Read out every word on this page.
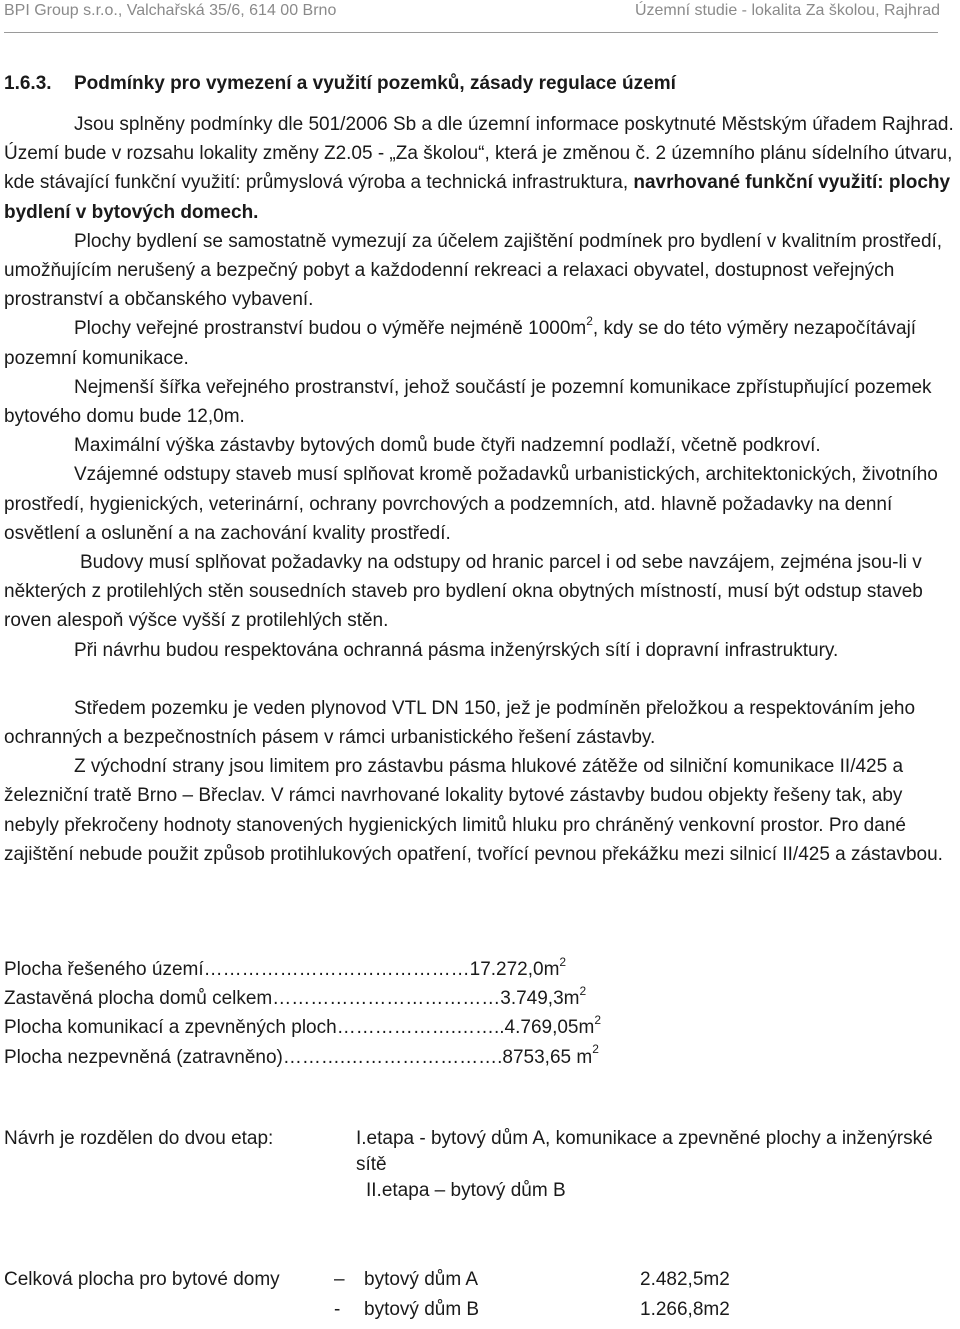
BPI Group s.r.o., Valchařská 35/6, 614 00 Brno	Územní studie - lokalita Za školou, Rajhrad
1.6.3. Podmínky pro vymezení a využití pozemků, zásady regulace území

Jsou splněny podmínky dle 501/2006 Sb a dle územní informace poskytnuté Městským úřadem Rajhrad. Území bude v rozsahu lokality změny Z2.05 - „Za školou“, která je změnou č. 2 územního plánu sídelního útvaru, kde stávající funkční využití: průmyslová výroba a technická infrastruktura, navrhované funkční využití: plochy bydlení v bytových domech.

Plochy bydlení se samostatně vymezují za účelem zajištění podmínek pro bydlení v kvalitním prostředí, umožňujícím nerušený a bezpečný pobyt a každodenní rekreaci a relaxaci obyvatel, dostupnost veřejných prostranství a občanského vybavení.

Plochy veřejné prostranství budou o výměře nejméně $1000m^2$, kdy se do této výměry nezapočítávají pozemní komunikace.

Nejmenší šířka veřejného prostranství, jehož součástí je pozemní komunikace zpřístupňující pozemek bytového domu bude 12,0m.

Maximální výška zástavby bytových domů bude čtyři nadzemní podlaží, včetně podkroví.

Vzájemné odstupy staveb musí splňovat kromě požadavků urbanistických, architektonických, životního prostředí, hygienických, veterinární, ochrany povrchových a podzemních, atd. hlavně požadavky na denní osvětlení a oslunění a na zachování kvality prostředí.

Budovy musí splňovat požadavky na odstupy od hranic parcel i od sebe navzájem, zejména jsou-li v některých z protilehlých stěn sousedních staveb pro bydlení okna obytných místností, musí být odstup staveb roven alespoň výšce vyšší z protilehlých stěn.

Při návrhu budou respektována ochranná pásma inženýrských sítí i dopravní infrastruktury.

Středem pozemku je veden plynovod VTL DN 150, jež je podmíněn přeložkou a respektováním jeho ochranných a bezpečnostních pásem v rámci urbanistického řešení zástavby.

Z východní strany jsou limitem pro zástavbu pásma hlukové zátěže od silniční komunikace II/425 a železniční tratě Brno – Břeclav. V rámci navrhované lokality bytové zástavby budou objekty řešeny tak, aby nebyly překročeny hodnoty stanovených hygienických limitů hluku pro chráněný venkovní prostor. Pro dané zajištění nebude použit způsob protihlukových opatření, tvořící pevnou překážku mezi silnicí II/425 a zástavbou.

Plocha řešeného $území\dots\dots\dots\dots\dots\dots\dots\dots\dots\dots\dots\dots\dots\dots 17.272,0m^2$
Zastavěná plocha domů $celkem\dots\dots\dots\dots\dots\dots\dots\dots\dots\dots\dots\dots 3.749,3m^2$
Plocha komunikací a zpevněných $ploch\dots\dots\dots\dots\dots\dots.\dots\dots..4.769,05m^2$
Plocha nezpevněná (zatravněno)……….…………………….8753,65 $m^2$
Návrh je rozdělen do dvou etap:	I.etapa - bytový dům A, komunikace a zpevněné plochy a inženýrské sítě
II.etapa – bytový dům B
Celková plocha pro bytové domy	– bytový dům A	2.482,5m2
- bytový dům B	1.266,8m2
